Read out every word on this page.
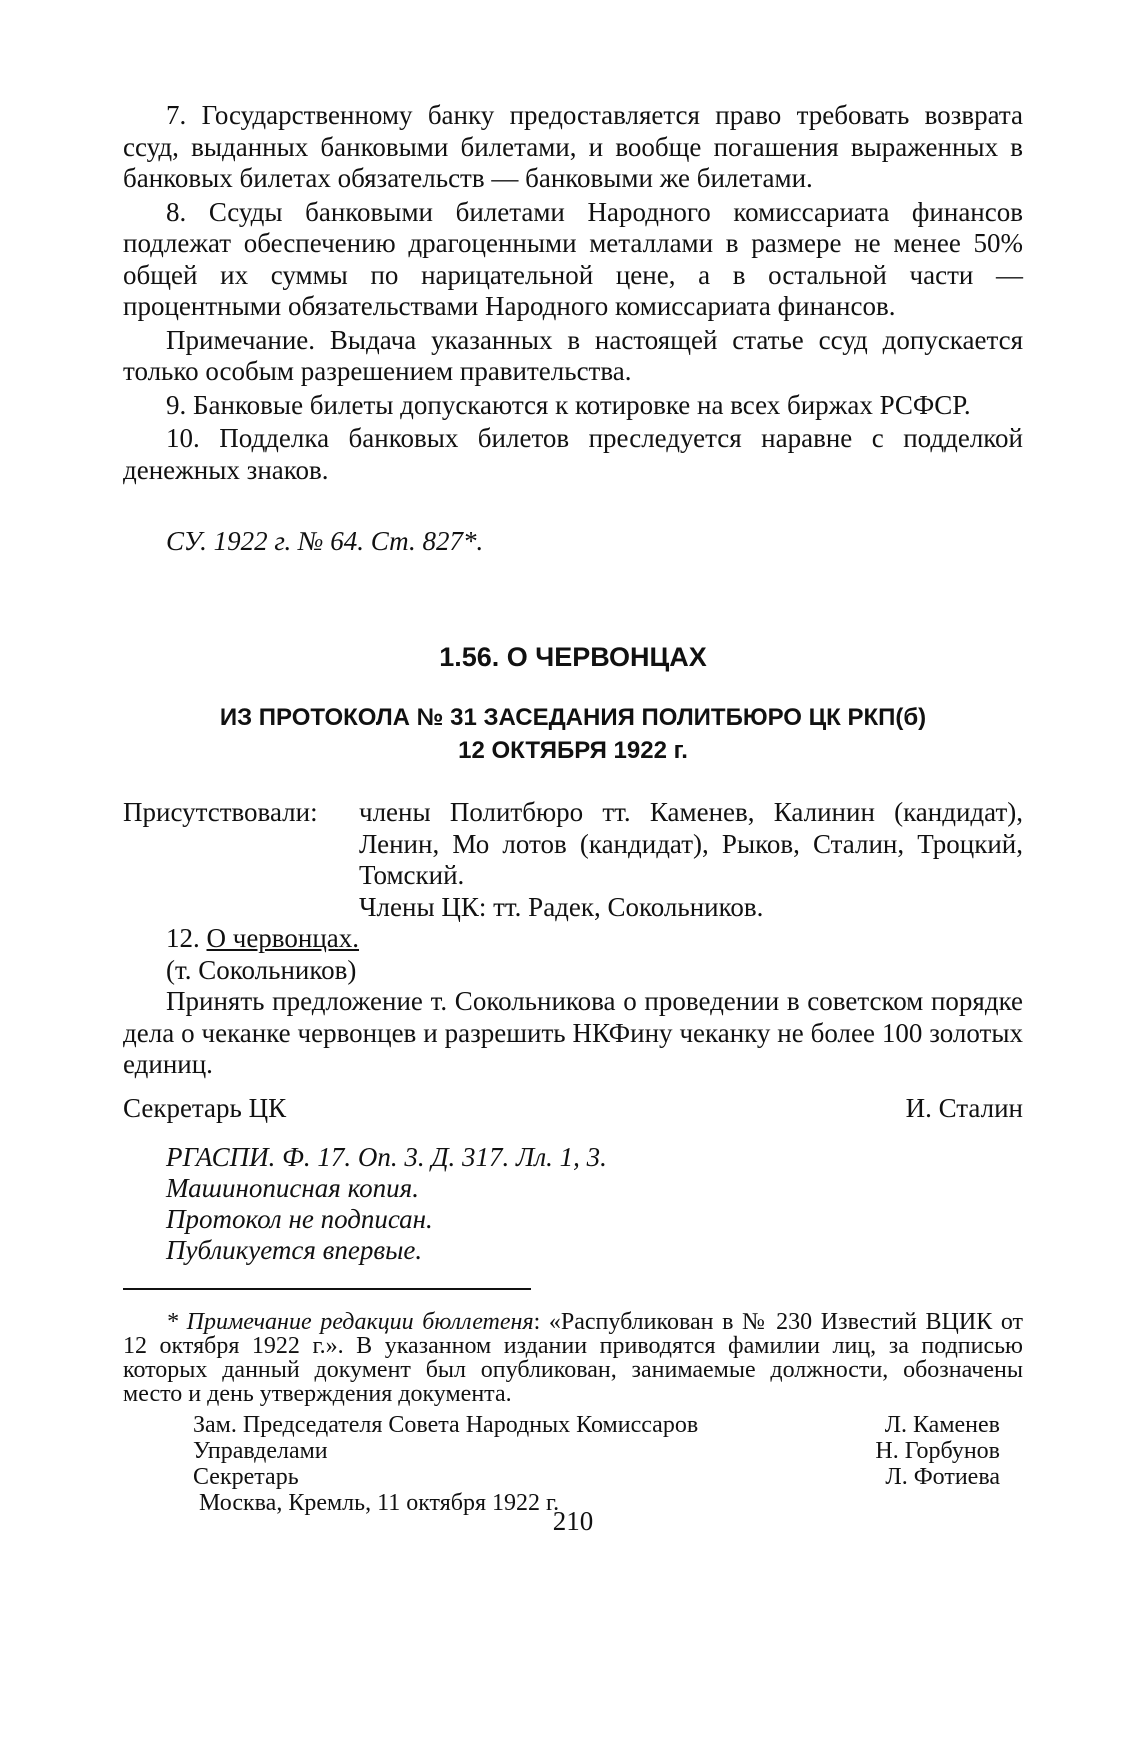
7. Государственному банку предоставляется право требовать возврата ссуд, выданных банковыми билетами, и вообще погашения выраженных в банковых билетах обязательств — банковыми же билетами.

8. Ссуды банковыми билетами Народного комиссариата финансов подлежат обеспечению драгоценными металлами в размере не менее 50% общей их суммы по нарицательной цене, а в остальной части — процентными обязательствами Народного комиссариата финансов.

Примечание. Выдача указанных в настоящей статье ссуд допускается только особым разрешением правительства.

9. Банковые билеты допускаются к котировке на всех биржах РСФСР.

10. Подделка банковых билетов преследуется наравне с подделкой денежных знаков.

СУ. 1922 г. № 64. Ст. 827*.
1.56. О ЧЕРВОНЦАХ
ИЗ ПРОТОКОЛА № 31 ЗАСЕДАНИЯ ПОЛИТБЮРО ЦК РКП(б)
12 ОКТЯБРЯ 1922 г.
Присутствовали:	члены Политбюро тт. Каменев, Калинин (кандидат), Ленин, Мо лотов (кандидат), Рыков, Сталин, Троцкий, Томский.
Члены ЦК: тт. Радек, Сокольников.
12. О червонцах.
(т. Сокольников)

Принять предложение т. Сокольникова о проведении в советском порядке дела о чеканке червонцев и разрешить НКФину чеканку не более 100 золотых единиц.

Секретарь ЦК	И. Сталин
РГАСПИ. Ф. 17. Оп. 3. Д. 317. Лл. 1, 3.
Машинописная копия.
Протокол не подписан.
Публикуется впервые.
* Примечание редакции бюллетеня: «Распубликован в № 230 Известий ВЦИК от 12 октября 1922 г.». В указанном издании приводятся фамилии лиц, за подписью которых данный документ был опубликован, занимаемые должности, обозначены место и день утверждения документа.
Зам. Председателя Совета Народных Комиссаров	Л. Каменев
Управделами	Н. Горбунов
Секретарь	Л. Фотиева
Москва, Кремль, 11 октября 1922 г.
210
